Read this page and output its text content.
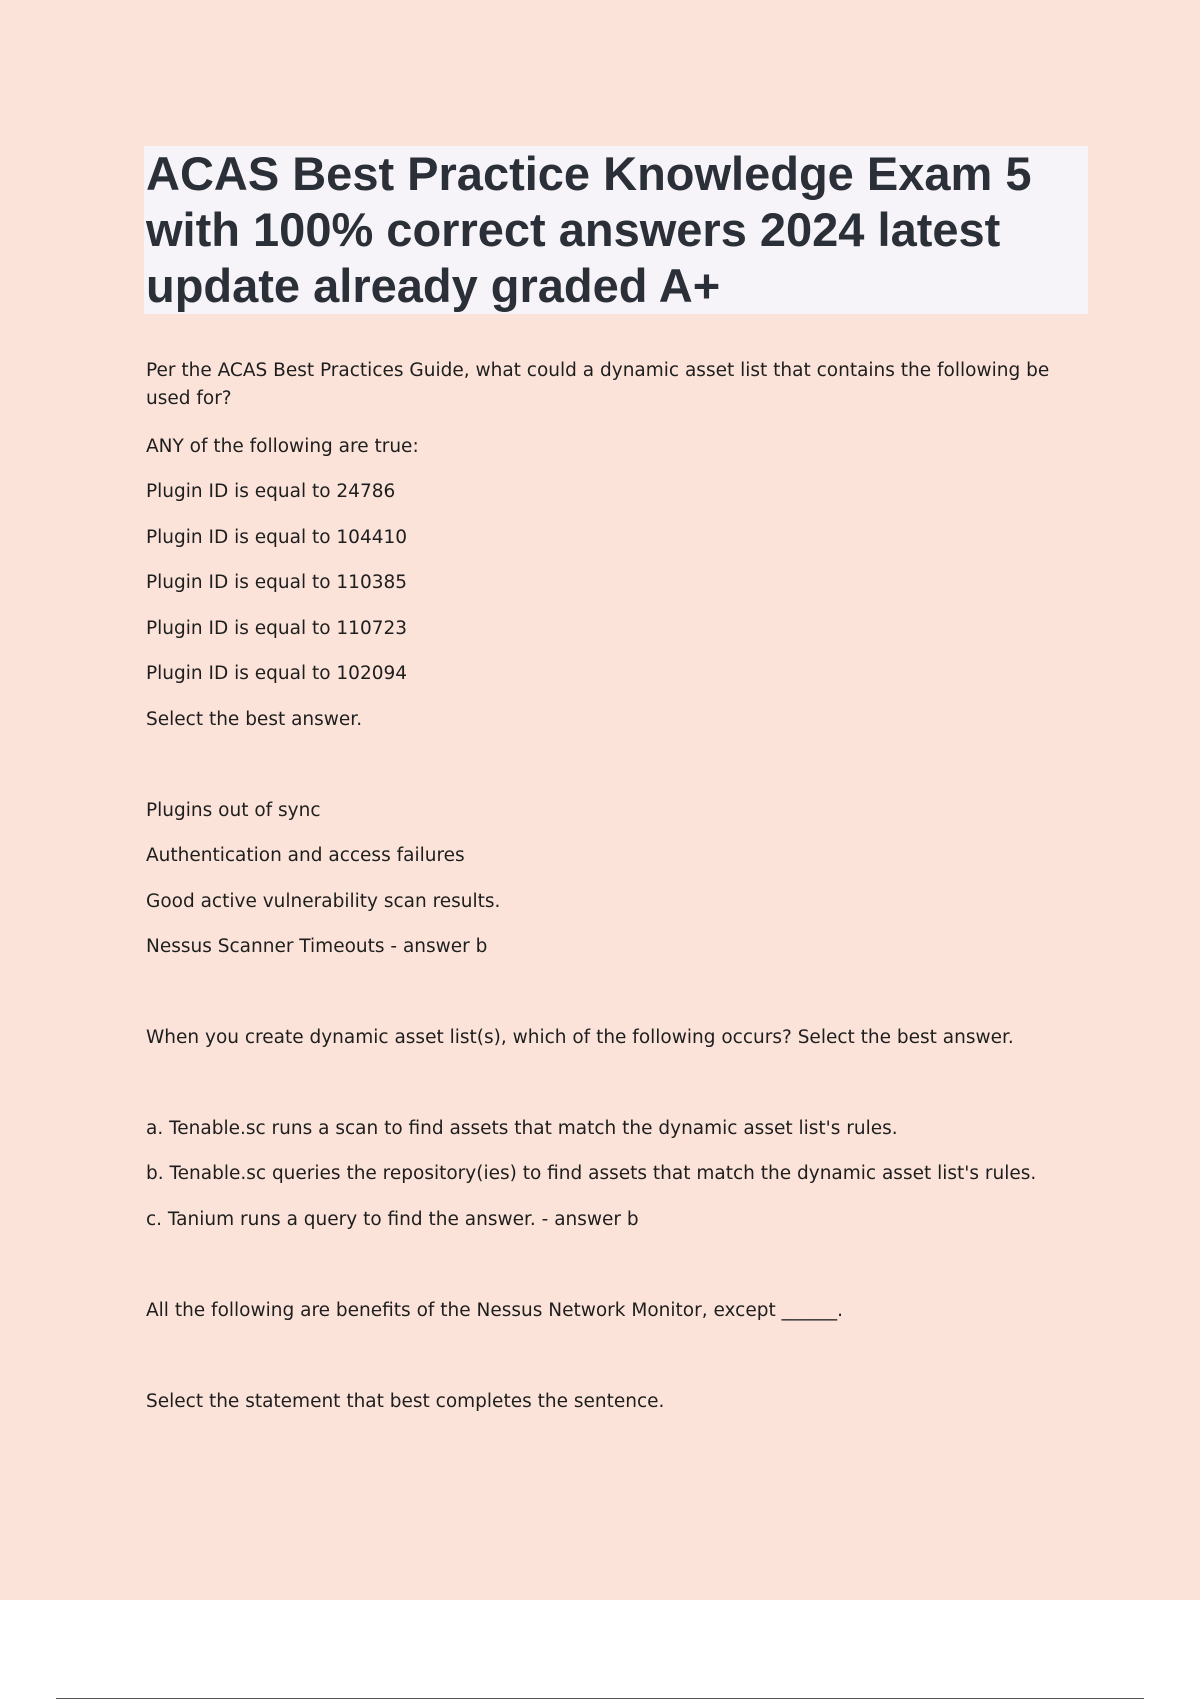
ACAS Best Practice Knowledge Exam 5 with 100% correct answers 2024 latest update already graded A+
Per the ACAS Best Practices Guide, what could a dynamic asset list that contains the following be used for?
ANY of the following are true:
Plugin ID is equal to 24786
Plugin ID is equal to 104410
Plugin ID is equal to 110385
Plugin ID is equal to 110723
Plugin ID is equal to 102094
Select the best answer.
Plugins out of sync
Authentication and access failures
Good active vulnerability scan results.
Nessus Scanner Timeouts - answer b
When you create dynamic asset list(s), which of the following occurs? Select the best answer.
a. Tenable.sc runs a scan to find assets that match the dynamic asset list's rules.
b. Tenable.sc queries the repository(ies) to find assets that match the dynamic asset list's rules.
c. Tanium runs a query to find the answer. - answer b
All the following are benefits of the Nessus Network Monitor, except ______.
Select the statement that best completes the sentence.
